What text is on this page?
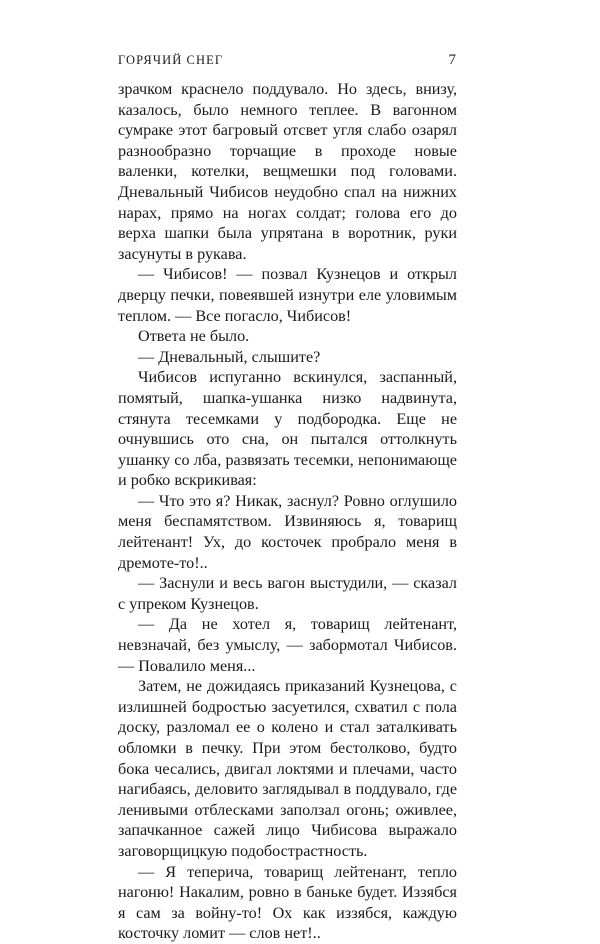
ГОРЯЧИЙ СНЕГ	7

зрачком краснело поддувало. Но здесь, внизу, казалось, было немного теплее. В вагонном сумраке этот багровый отсвет угля слабо озарял разнообразно торчащие в проходе новые валенки, котелки, вещмешки под головами. Дневальный Чибисов неудобно спал на нижних нарах, прямо на ногах солдат; голова его до верха шапки была упрятана в воротник, руки засунуты в рукава.

— Чибисов! — позвал Кузнецов и открыл дверцу печки, повеявшей изнутри еле уловимым теплом. — Все погасло, Чибисов!

Ответа не было.

— Дневальный, слышите?

Чибисов испуганно вскинулся, заспанный, помятый, шапка-ушанка низко надвинута, стянута тесемками у подбородка. Еще не очнувшись ото сна, он пытался оттолкнуть ушанку со лба, развязать тесемки, непонимающе и робко вскрикивая:

— Что это я? Никак, заснул? Ровно оглушило меня беспамятством. Извиняюсь я, товарищ лейтенант! Ух, до косточек пробрало меня в дремоте-то!..

— Заснули и весь вагон выстудили, — сказал с упреком Кузнецов.

— Да не хотел я, товарищ лейтенант, невзначай, без умыслу, — забормотал Чибисов. — Повалило меня...

Затем, не дожидаясь приказаний Кузнецова, с излишней бодростью засуетился, схватил с пола доску, разломал ее о колено и стал заталкивать обломки в печку. При этом бестолково, будто бока чесались, двигал локтями и плечами, часто нагибаясь, деловито заглядывал в поддувало, где ленивыми отблесками заползал огонь; оживлее, запачканное сажей лицо Чибисова выражало заговорщицкую подобострастность.

— Я теперича, товарищ лейтенант, тепло нагоню! Накалим, ровно в баньке будет. Иззябся я сам за войну-то! Ох как иззябся, каждую косточку ломит — слов нет!..
